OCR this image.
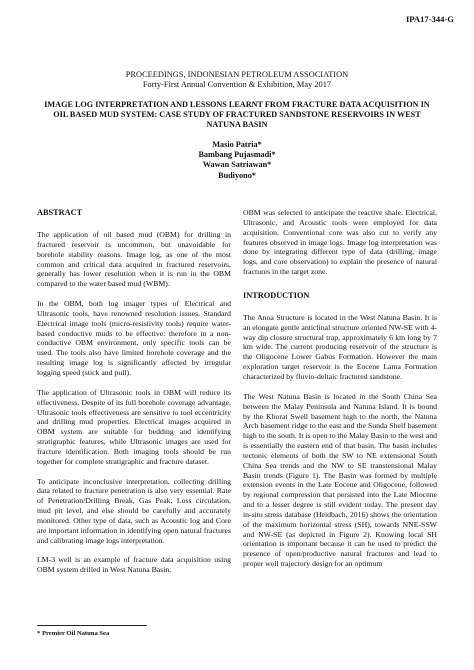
IPA17-344-G
PROCEEDINGS, INDONESIAN PETROLEUM ASSOCIATION
Forty-First Annual Convention & Exhibition, May 2017
IMAGE LOG INTERPRETATION AND LESSONS LEARNT FROM FRACTURE DATA ACQUISITION IN OIL BASED MUD SYSTEM: CASE STUDY OF FRACTURED SANDSTONE RESERVOIRS IN WEST NATUNA BASIN
Masio Patria*
Bambang Pujasmadi*
Wawan Satriawan*
Budiyono*
ABSTRACT

The application of oil based mud (OBM) for drilling in fractured reservoir is uncommon, but unavoidable for borehole stability reasons. Image log, as one of the most common and critical data acquired in fractured reservoirs, generally has lower resolution when it is run in the OBM compared to the water based mud (WBM).

In the OBM, both log imager types of Electrical and Ultrasonic tools, have renowned resolution issues. Standard Electrical image tools (micro-resistivity tools) require water-based conductive muds to be effective: therefore in a non-conductive OBM environment, only specific tools can be used. The tools also have limited borehole coverage and the resulting image log is significantly affected by irregular logging speed (stick and pull).

The application of Ultrasonic tools in OBM will reduce its effectiveness. Despite of its full borehole coverage advantage, Ultrasonic tools effectiveness are sensitive to tool eccentricity and drilling mud properties. Electrical images acquired in OBM system are suitable for bedding and identifying stratigraphic features, while Ultrasonic images are used for fracture identification. Both imaging tools should be run together for complete stratigraphic and fracture dataset.

To anticipate inconclusive interpretation, collecting drilling data related to fracture penetration is also very essential. Rate of Penetration/Drilling Break, Gas Peak, Loss circulation, mud pit level, and else should be carefully and accurately monitored. Other type of data, such as Acoustic log and Core are important information in identifying open natural fractures and calibrating image logs interpretation.

LM-3 well is an example of fracture data acquisition using OBM system drilled in West Natuna Basin.

OBM was selected to anticipate the reactive shale. Electrical, Ultrasonic, and Acoustic tools were employed for data acquisition. Conventional core was also cut to verify any features observed in image logs. Image log interpretation was done by integrating different type of data (drilling, image logs, and core observation) to explain the presence of natural fractures in the target zone.

INTRODUCTION

The Anoa Structure is located in the West Natuna Basin. It is an elongate gentle anticlinal structure oriented NW-SE with 4-way dip closure structural trap, approximately 6 km long by 7 km wide. The current producing reservoir of the structure is the Oligocene Lower Gabus Formation. However the main exploration target reservoir is the Eocene Lama Formation characterized by fluvio-deltaic fractured sandstone.

The West Natuna Basin is located in the South China Sea between the Malay Peninsula and Natuna Island. It is bound by the Khorat Swell basement high to the north, the Natuna Arch basement ridge to the east and the Sunda Shelf basement high to the south. It is open to the Malay Basin to the west and is essentially the eastern end of that basin. The basin includes tectonic elements of both the SW to NE extensional South China Sea trends and the NW to SE transtensional Malay Basin trends (Figure 1). The Basin was formed by multiple extension events in the Late Eocene and Oligocene, followed by regional compression that persisted into the Late Miocene and to a lesser degree is still evident today. The present day in-situ stress database (Heidbach, 2016) shows the orientation of the maximum horizontal stress (SH), towards NNE-SSW and NW-SE (as depicted in Figure 2). Knowing local SH orientation is important because it can be used to predict the presence of open/productive natural fractures and lead to proper well trajectory design for an optimum

* Premier Oil Natuna Sea
